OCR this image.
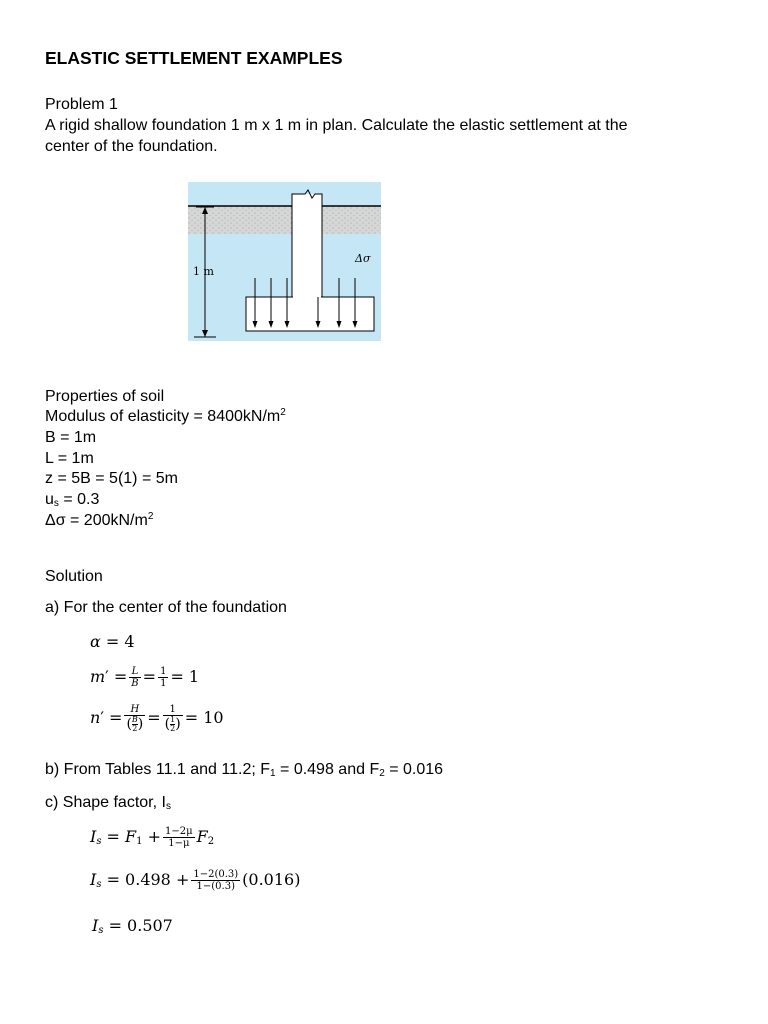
ELASTIC SETTLEMENT EXAMPLES
Problem 1
A rigid shallow foundation 1 m x 1 m in plan. Calculate the elastic settlement at the
center of the foundation.
1 m
Δσ
Properties of soil
Modulus of elasticity = $8400kN/m^2$
B = 1m
L = 1m
z = 5B = 5(1) = 5m
$u_s = 0.3$
$\Delta\sigma = 200kN/m^2$
Solution
a) For the center of the foundation
α = 4
$m' = \frac{L}{B} = \frac{1}{1} = 1$
$n' = \frac{H}{( \frac{B}{2} )} = \frac{1}{( \frac{1}{2} )} = 10$
b) From Tables 11.1 and 11.2; $F_1 = 0.498$ and $F_2 = 0.016$
c) Shape factor, $I_s$
$I_s = F_1 + \frac{1-2\mu}{1-\mu} F_2$
$I_s = 0.498 + \frac{1-2(0.3)}{1-(0.3)} (0.016)$
$I_s = 0.507$
